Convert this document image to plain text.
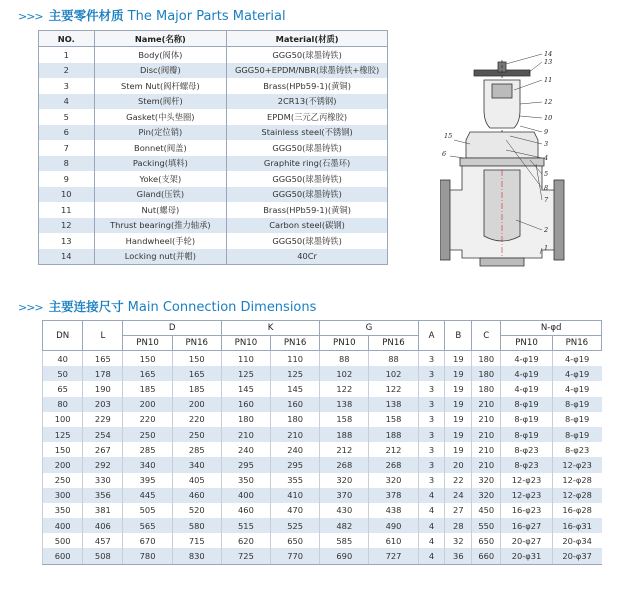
>>> 主要零件材质 The Major Parts Material
NO.	Name(名称)	Material(材质)
1	Body(阀体)	GGG50(球墨铸铁)
2	Disc(阀瓣)	GGG50+EPDM/NBR(球墨铸铁+橡胶)
3	Stem Nut(阀杆螺母)	Brass(HPb59-1)(黄铜)
4	Stem(阀杆)	2CR13(不锈钢)
5	Gasket(中头垫圈)	EPDM(三元乙丙橡胶)
6	Pin(定位销)	Stainless steel(不锈钢)
7	Bonnet(阀盖)	GGG50(球墨铸铁)
8	Packing(填料)	Graphite ring(石墨环)
9	Yoke(支架)	GGG50(球墨铸铁)
10	Gland(压铁)	GGG50(球墨铸铁)
11	Nut(螺母)	Brass(HPb59-1)(黄铜)
12	Thrust bearing(推力轴承)	Carbon steel(碳钢)
13	Handwheel(手轮)	GGG50(球墨铸铁)
14	Locking nut(并帽)	40Cr
14
13
11
12
10
9
3
4
5
8
15
6
7
2
1
>>> 主要连接尺寸 Main Connection Dimensions
DN	L	D		K		G		A	B	C	N-φd	
		PN10	PN16	PN10	PN16	PN10	PN16				PN10	PN16
40	165	150	150	110	110	88	88	3	19	180	4-φ19	4-φ19
50	178	165	165	125	125	102	102	3	19	180	4-φ19	4-φ19
65	190	185	185	145	145	122	122	3	19	180	4-φ19	4-φ19
80	203	200	200	160	160	138	138	3	19	210	8-φ19	8-φ19
100	229	220	220	180	180	158	158	3	19	210	8-φ19	8-φ19
125	254	250	250	210	210	188	188	3	19	210	8-φ19	8-φ19
150	267	285	285	240	240	212	212	3	19	210	8-φ23	8-φ23
200	292	340	340	295	295	268	268	3	20	210	8-φ23	12-φ23
250	330	395	405	350	355	320	320	3	22	320	12-φ23	12-φ28
300	356	445	460	400	410	370	378	4	24	320	12-φ23	12-φ28
350	381	505	520	460	470	430	438	4	27	450	16-φ23	16-φ28
400	406	565	580	515	525	482	490	4	28	550	16-φ27	16-φ31
500	457	670	715	620	650	585	610	4	32	650	20-φ27	20-φ34
600	508	780	830	725	770	690	727	4	36	660	20-φ31	20-φ37
